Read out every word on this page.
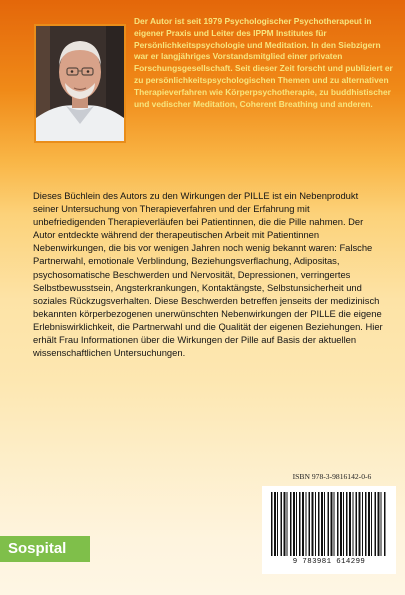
Der Autor ist seit 1979 Psychologischer Psychotherapeut in eigener Praxis und Leiter des IPPM Institutes für Persönlichkeitspsychologie und Meditation. In den Siebzigern war er langjähriges Vorstandsmitglied einer privaten Forschungsgesellschaft. Seit dieser Zeit forscht und publiziert er zu persönlichkeitspsychologischen Themen und zu alternativen Therapieverfahren wie Körperpsychotherapie, zu buddhistischer und vedischer Meditation, Coherent Breathing und anderen.

Dieses Büchlein des Autors zu den Wirkungen der PILLE ist ein Nebenprodukt seiner Untersuchung von Therapieverfahren und der Erfahrung mit unbefriedigenden Therapieverläufen bei Patientinnen, die die Pille nahmen. Der Autor entdeckte während der therapeutischen Arbeit mit Patientinnen Nebenwirkungen, die bis vor wenigen Jahren noch wenig bekannt waren: Falsche Partnerwahl, emotionale Verblindung, Beziehungsverflachung, Adipositas, psychosomatische Beschwerden und Nervosität, Depressionen, verringertes Selbstbewusstsein, Angsterkrankungen, Kontaktängste, Selbstunsicherheit und soziales Rückzugsverhalten. Diese Beschwerden betreffen jenseits der medizinisch bekannten körperbezogenen unerwünschten Nebenwirkungen der PILLE die eigene Erlebniswirklichkeit, die Partnerwahl und die Qualität der eigenen Beziehungen. Hier erhält Frau Informationen über die Wirkungen der Pille auf Basis der aktuellen wissenschaftlichen Untersuchungen.

ISBN 978-3-9816142-0-6
9 783981 614299
Sospital
